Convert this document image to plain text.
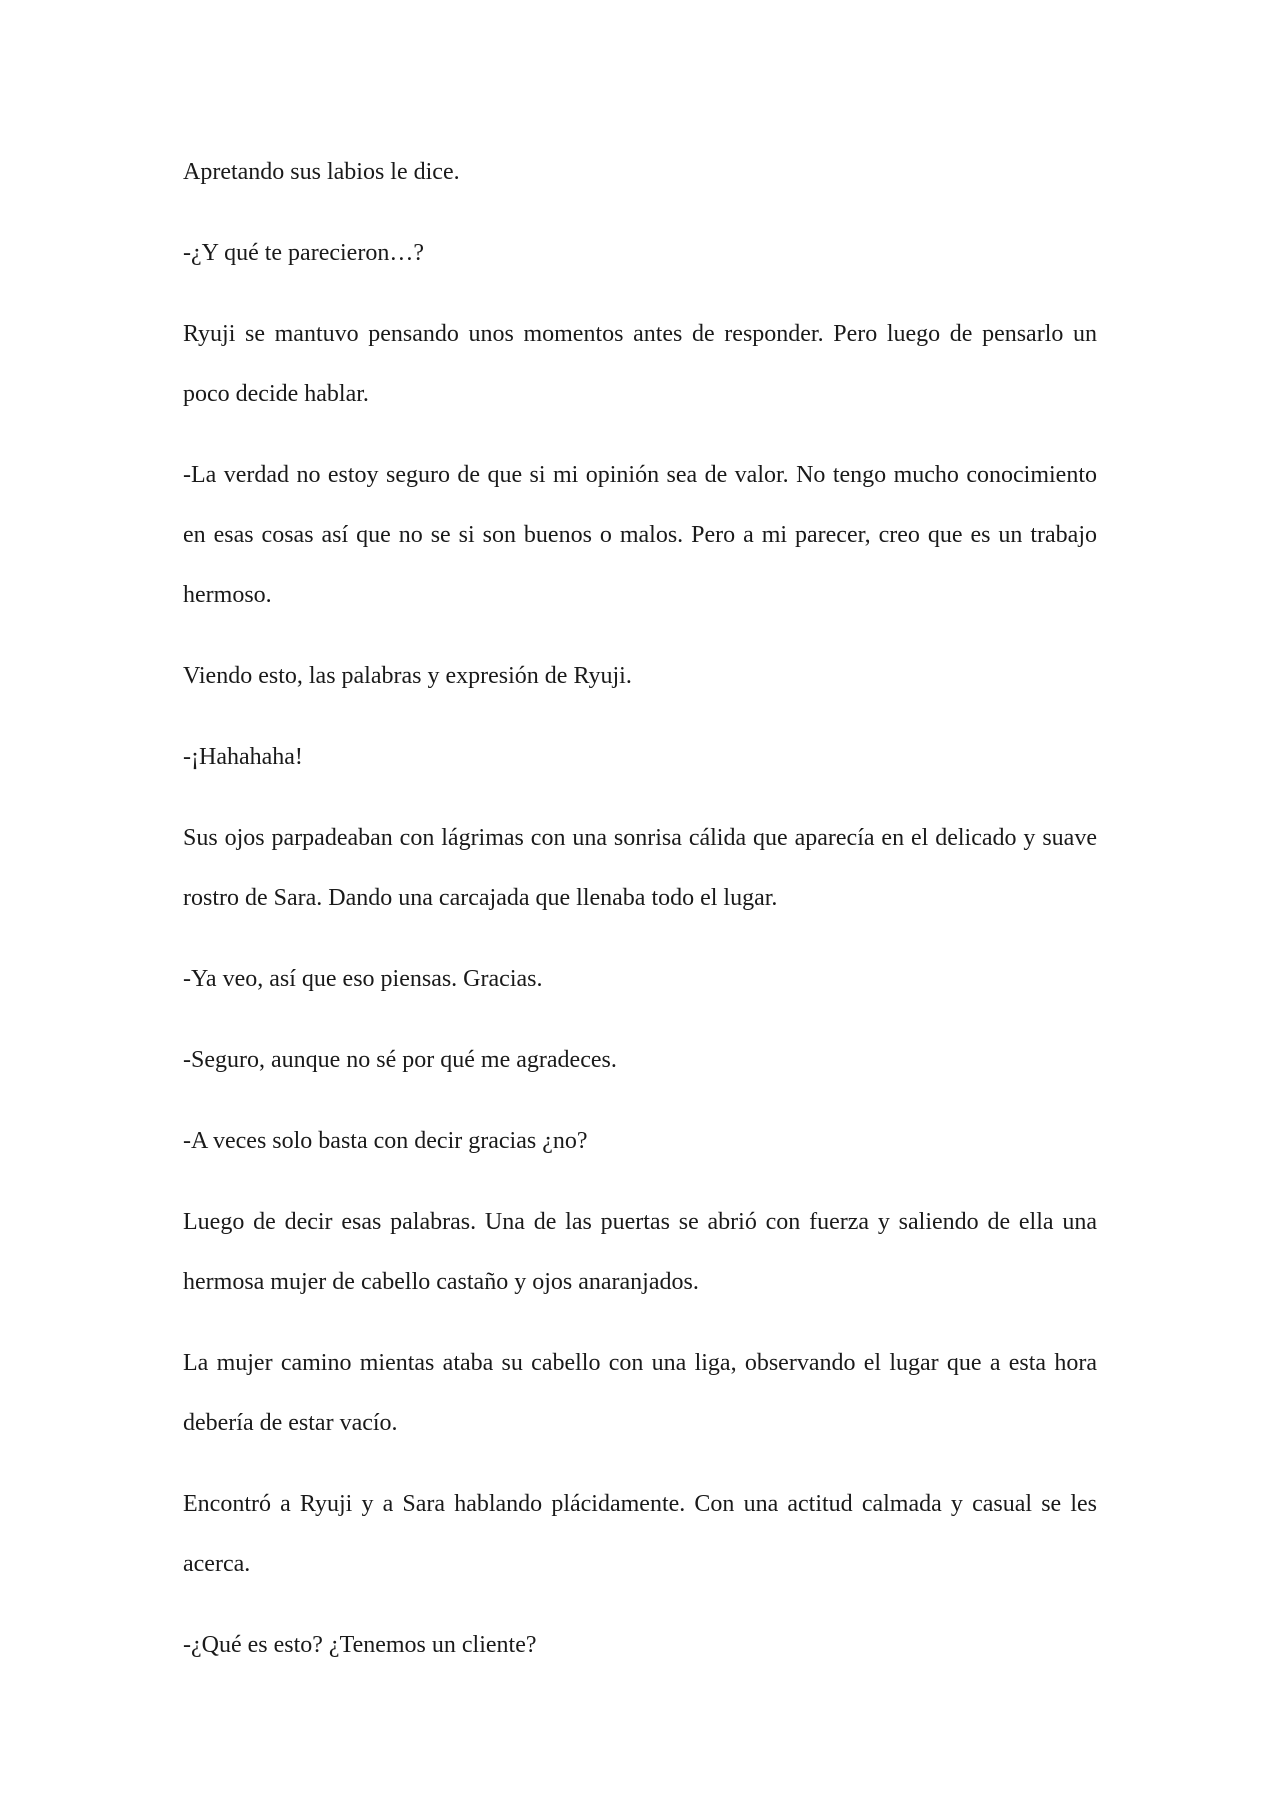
Apretando sus labios le dice.

-¿Y qué te parecieron…?

Ryuji se mantuvo pensando unos momentos antes de responder. Pero luego de pensarlo un poco decide hablar.

-La verdad no estoy seguro de que si mi opinión sea de valor. No tengo mucho conocimiento en esas cosas así que no se si son buenos o malos. Pero a mi parecer, creo que es un trabajo hermoso.

Viendo esto, las palabras y expresión de Ryuji.

-¡Hahahaha!

Sus ojos parpadeaban con lágrimas con una sonrisa cálida que aparecía en el delicado y suave rostro de Sara. Dando una carcajada que llenaba todo el lugar.

-Ya veo, así que eso piensas. Gracias.

-Seguro, aunque no sé por qué me agradeces.

-A veces solo basta con decir gracias ¿no?

Luego de decir esas palabras. Una de las puertas se abrió con fuerza y saliendo de ella una hermosa mujer de cabello castaño y ojos anaranjados.

La mujer camino mientas ataba su cabello con una liga, observando el lugar que a esta hora debería de estar vacío.

Encontró a Ryuji y a Sara hablando plácidamente. Con una actitud calmada y casual se les acerca.

-¿Qué es esto? ¿Tenemos un cliente?
